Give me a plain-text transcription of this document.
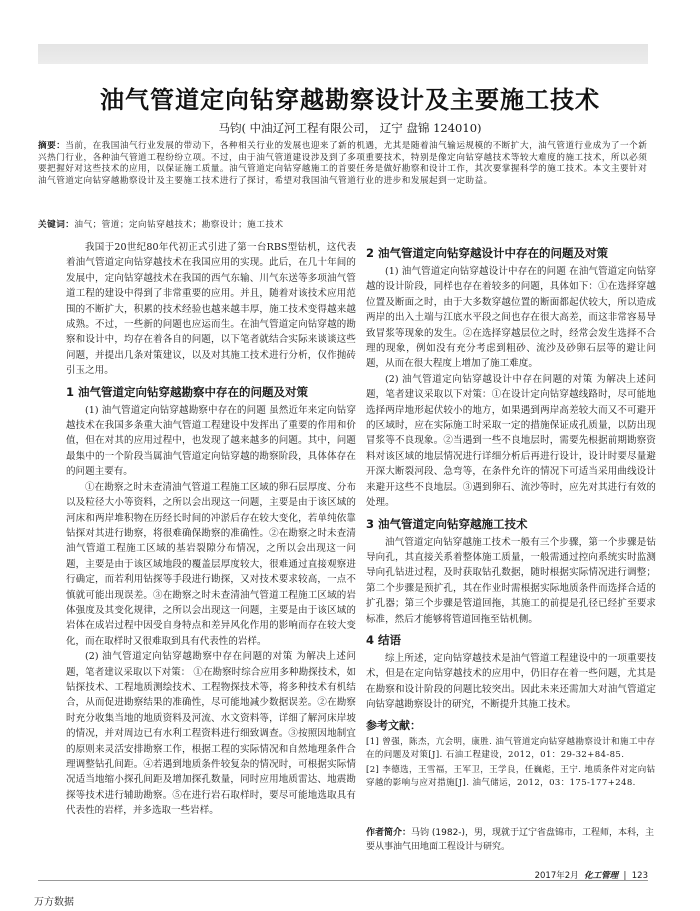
油气管道定向钻穿越勘察设计及主要施工技术
马钧( 中油辽河工程有限公司， 辽宁 盘锦 124010)
摘要：当前，在我国油气行业发展的带动下，各种相关行业的发展也迎来了新的机遇，尤其是随着油气输运规模的不断扩大，油气管道行业成为了一个新兴热门行业，各种油气管道工程纷纷立项。不过，由于油气管道建设涉及到了多项重要技术，特别是像定向钻穿越技术等较大难度的施工技术，所以必须要把握好对这些技术的应用，以保证施工质量。油气管道定向钻穿越施工的首要任务是做好勘察和设计工作，其次要掌握科学的施工技术。本文主要针对油气管道定向钻穿越勘察设计及主要施工技术进行了探讨，希望对我国油气管道行业的进步和发展起到一定助益。
关键词：油气；管道；定向钻穿越技术；勘察设计；施工技术

我国于20世纪80年代初正式引进了第一台RBS型钻机，这代表着油气管道定向钻穿越技术在我国应用的实现。此后，在几十年间的发展中，定向钻穿越技术在我国的西气东输、川气东送等多项油气管道工程的建设中得到了非常重要的应用。并且，随着对该技术应用范围的不断扩大，积累的技术经验也越来越丰厚，施工技术变得越来越成熟。不过，一些新的问题也应运而生。在油气管道定向钻穿越的勘察和设计中，均存在着各自的问题，以下笔者就结合实际来谈谈这些问题，并提出几条对策建议，以及对其施工技术进行分析，仅作抛砖引玉之用。

1 油气管道定向钻穿越勘察中存在的问题及对策

(1) 油气管道定向钻穿越勘察中存在的问题 虽然近年来定向钻穿越技术在我国多条重大油气管道工程建设中发挥出了重要的作用和价值，但在对其的应用过程中，也发现了越来越多的问题。其中，问题最集中的一个阶段当属油气管道定向钻穿越的勘察阶段，具体体存在的问题主要有。

①在勘察之时未查清油气管道工程施工区域的卵石层厚度、分布以及粒径大小等资料，之所以会出现这一问题，主要是由于该区域的河床和两岸堆积物在历经长时间的冲淤后存在较大变化，若单纯依靠钻探对其进行勘察，将很难确保勘察的准确性。②在勘察之时未查清油气管道工程施工区域的基岩裂隙分布情况，之所以会出现这一问题，主要是由于该区域地段的覆盖层厚度较大，很难通过直接观察进行确定，而若利用钻探等手段进行勘探，又对技术要求较高，一点不慎就可能出现误差。③在勘察之时未查清油气管道工程施工区域的岩体强度及其变化规律，之所以会出现这一问题，主要是由于该区域的岩体在成岩过程中因受自身特点和差异风化作用的影响而存在较大变化，而在取样时又很难取到具有代表性的岩样。

(2) 油气管道定向钻穿越勘察中存在问题的对策 为解决上述问题，笔者建议采取以下对策： ①在勘察时综合应用多种勘探技术，如钻探技术、工程地质测绘技术、工程物探技术等，将多种技术有机结合，从而促进勘察结果的准确性，尽可能地减少数据误差。②在勘察时充分收集当地的地质资料及河流、水文资料等，详细了解河床岸坡的情况，并对周边已有水利工程资料进行细致调查。③按照因地制宜的原则来灵活安排勘察工作，根据工程的实际情况和自然地理条件合理调整钻孔间距。④若遇到地质条件较复杂的情况时，可根据实际情况适当地缩小探孔间距及增加探孔数量，同时应用地质雷达、地震勘探等技术进行辅助勘察。⑤在进行岩石取样时，要尽可能地选取具有代表性的岩样，并多选取一些岩样。

2 油气管道定向钻穿越设计中存在的问题及对策

(1) 油气管道定向钻穿越设计中存在的问题 在油气管道定向钻穿越的设计阶段，同样也存在着较多的问题，具体如下：①在选择穿越位置及断面之时，由于大多数穿越位置的断面都起伏较大，所以造成两岸的出入土端与江底水平段之间也存在很大高差，而这非常容易导致冒浆等现象的发生。②在选择穿越层位之时，经常会发生选择不合理的现象，例如没有充分考虑到粗砂、流沙及砂卵石层等的避让问题，从而在很大程度上增加了施工难度。

(2) 油气管道定向钻穿越设计中存在问题的对策 为解决上述问题，笔者建议采取以下对策：①在设计定向钻穿越线路时，尽可能地选择两岸地形起伏较小的地方，如果遇到两岸高差较大而又不可避开的区域时，应在实际施工时采取一定的措施保证成孔质量，以防出现冒浆等不良现象。②当遇到一些不良地层时，需要先根据前期勘察资料对该区域的地层情况进行详细分析后再进行设计，设计时要尽量避开深大断裂河段、急弯等，在条件允许的情况下可适当采用曲线设计来避开这些不良地层。③遇到卵石、流沙等时，应先对其进行有效的处理。

3 油气管道定向钻穿越施工技术

油气管道定向钻穿越施工技术一般有三个步骤，第一个步骤是钻导向孔，其直接关系着整体施工质量，一般需通过控向系统实时监测导向孔钻进过程，及时获取钻孔数据，随时根据实际情况进行调整；第二个步骤是预扩孔，其在作业时需根据实际地质条件而选择合适的扩孔器；第三个步骤是管道回拖，其施工的前提是孔径已经扩至要求标准，然后才能够将管道回拖至钻机侧。

4 结语

综上所述，定向钻穿越技术是油气管道工程建设中的一项重要技术，但是在定向钻穿越技术的应用中，仍旧存在着一些问题，尤其是在勘察和设计阶段的问题比较突出。因此未来还需加大对油气管道定向钻穿越勘察设计的研究，不断提升其施工技术。

参考文献：

[1] 曾强，陈杰，亢会明，康胜. 油气管道定向钻穿越勘察设计和施工中存在的问题及对策[J]. 石油工程建设，2012，01：29-32+84-85.

[2] 李德选，王雪福，王军卫，王学良，任巍彪，王宁. 地质条件对定向钻穿越的影响与应对措施[J]. 油气储运，2012，03：175-177+248.

作者简介：马钧 (1982-)，男，现就于辽宁省盘锦市，工程师，本科，主要从事油气田地面工程设计与研究。
2017年2月 化工管理 | 123
万方数据
